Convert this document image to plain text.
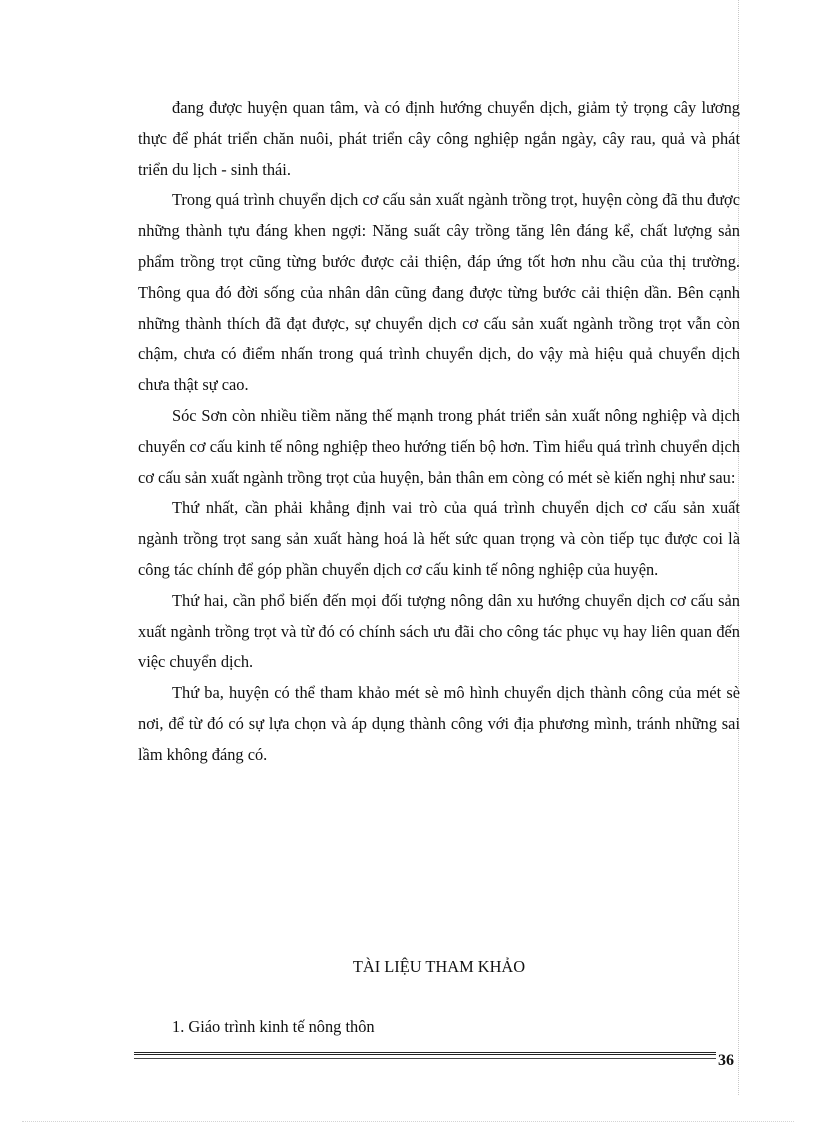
đang được huyện quan tâm, và có định hướng chuyển dịch, giảm tỷ trọng cây lương thực để phát triển chăn nuôi, phát triển cây công nghiệp ngắn ngày, cây rau, quả và phát triển du lịch - sinh thái.

Trong quá trình chuyển dịch cơ cấu sản xuất ngành trồng trọt, huyện còng đã thu được những thành tựu đáng khen ngợi: Năng suất cây trồng tăng lên đáng kể, chất lượng sản phẩm trồng trọt cũng từng bước được cải thiện, đáp ứng tốt hơn nhu cầu của thị trường. Thông qua đó đời sống của nhân dân cũng đang được từng bước cải thiện dần. Bên cạnh những thành thích đã đạt được, sự chuyển dịch cơ cấu sản xuất ngành trồng trọt vẫn còn chậm, chưa có điểm nhấn trong quá trình chuyển dịch, do vậy mà hiệu quả chuyển dịch chưa thật sự cao.

Sóc Sơn còn nhiều tiềm năng thế mạnh trong phát triển sản xuất nông nghiệp và dịch chuyển cơ cấu kinh tế nông nghiệp theo hướng tiến bộ hơn. Tìm hiểu quá trình chuyển dịch cơ cấu sản xuất ngành trồng trọt của huyện, bản thân em còng có mét sè kiến nghị như sau:

Thứ nhất, cần phải khẳng định vai trò của quá trình chuyển dịch cơ cấu sản xuất ngành trồng trọt sang sản xuất hàng hoá là hết sức quan trọng và còn tiếp tục được coi là công tác chính để góp phần chuyển dịch cơ cấu kinh tế nông nghiệp của huyện.

Thứ hai, cần phổ biến đến mọi đối tượng nông dân xu hướng chuyển dịch cơ cấu sản xuất ngành trồng trọt và từ đó có chính sách ưu đãi cho công tác phục vụ hay liên quan đến việc chuyển dịch.

Thứ ba, huyện có thể tham khảo mét sè mô hình chuyển dịch thành công của mét sè nơi, để từ đó có sự lựa chọn và áp dụng thành công với địa phương mình, tránh những sai lầm không đáng có.

TÀI LIỆU THAM KHẢO
1. Giáo trình kinh tế nông thôn
36
